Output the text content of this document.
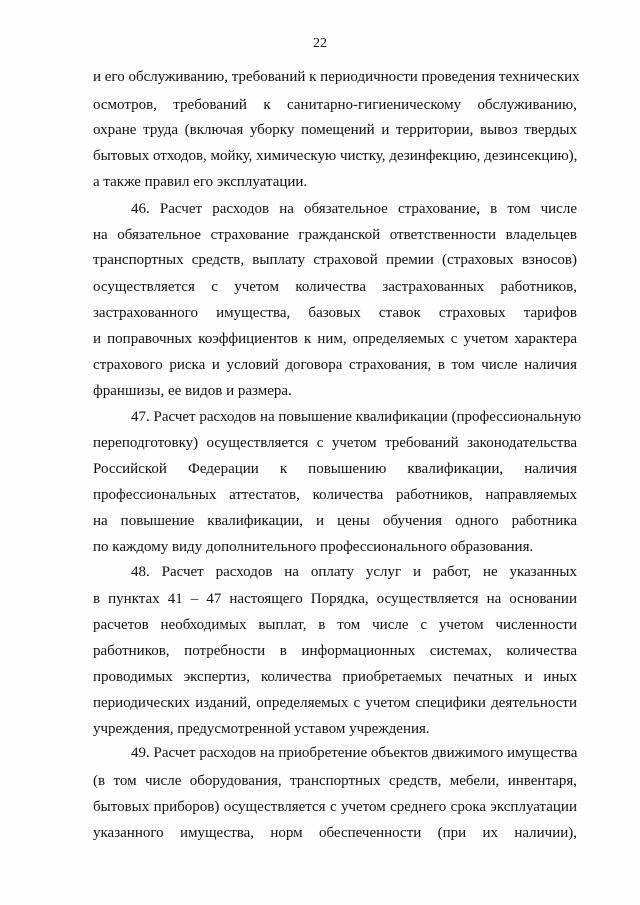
22
и его обслуживанию, требований к периодичности проведения технических
осмотров, требований к санитарно-гигиеническому обслуживанию,
охране труда (включая уборку помещений и территории, вывоз твердых
бытовых отходов, мойку, химическую чистку, дезинфекцию, дезинсекцию),
а также правил его эксплуатации.
46. Расчет расходов на обязательное страхование, в том числе
на обязательное страхование гражданской ответственности владельцев
транспортных средств, выплату страховой премии (страховых взносов)
осуществляется с учетом количества застрахованных работников,
застрахованного имущества, базовых ставок страховых тарифов
и поправочных коэффициентов к ним, определяемых с учетом характера
страхового риска и условий договора страхования, в том числе наличия
франшизы, ее видов и размера.
47. Расчет расходов на повышение квалификации (профессиональную
переподготовку) осуществляется с учетом требований законодательства
Российской Федерации к повышению квалификации, наличия
профессиональных аттестатов, количества работников, направляемых
на повышение квалификации, и цены обучения одного работника
по каждому виду дополнительного профессионального образования.
48. Расчет расходов на оплату услуг и работ, не указанных
в пунктах 41 – 47 настоящего Порядка, осуществляется на основании
расчетов необходимых выплат, в том числе с учетом численности
работников, потребности в информационных системах, количества
проводимых экспертиз, количества приобретаемых печатных и иных
периодических изданий, определяемых с учетом специфики деятельности
учреждения, предусмотренной уставом учреждения.
49. Расчет расходов на приобретение объектов движимого имущества
(в том числе оборудования, транспортных средств, мебели, инвентаря,
бытовых приборов) осуществляется с учетом среднего срока эксплуатации
указанного имущества, норм обеспеченности (при их наличии),
